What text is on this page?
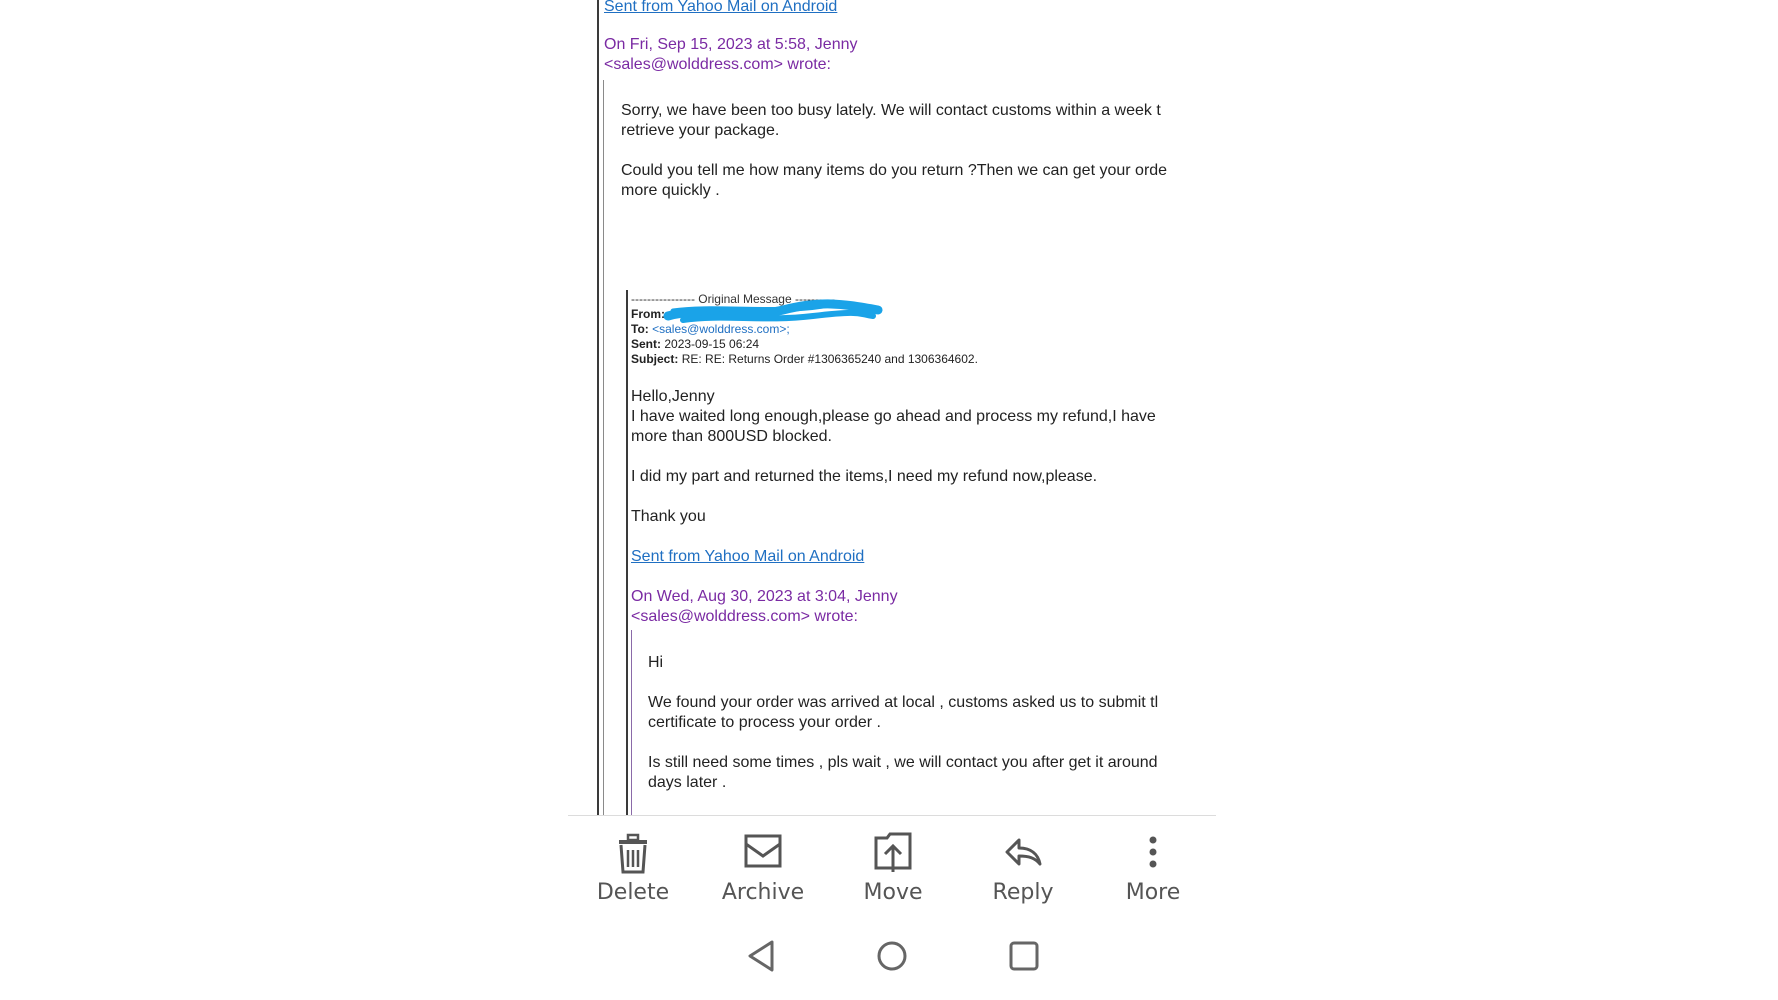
Sent from Yahoo Mail on Android
On Fri, Sep 15, 2023 at 5:58, Jenny
<sales@wolddress.com> wrote:
Sorry, we have been too busy lately. We will contact customs within a week t
retrieve your package.
Could you tell me how many items do you return ?Then we can get your orde
more quickly .
---------------- Original Message ----------
From:
To: <sales@wolddress.com>;
Sent: 2023-09-15 06:24
Subject: RE: RE: Returns Order #1306365240 and 1306364602.
Hello,Jenny
I have waited long enough,please go ahead and process my refund,I have
more than 800USD blocked.
I did my part and returned the items,I need my refund now,please.
Thank you
Sent from Yahoo Mail on Android
On Wed, Aug 30, 2023 at 3:04, Jenny
<sales@wolddress.com> wrote:
Hi
We found your order was arrived at local , customs asked us to submit tl
certificate to process your order .
Is still need some times , pls wait , we will contact you after get it around
days later .
Delete	Archive	Move	Reply	More
